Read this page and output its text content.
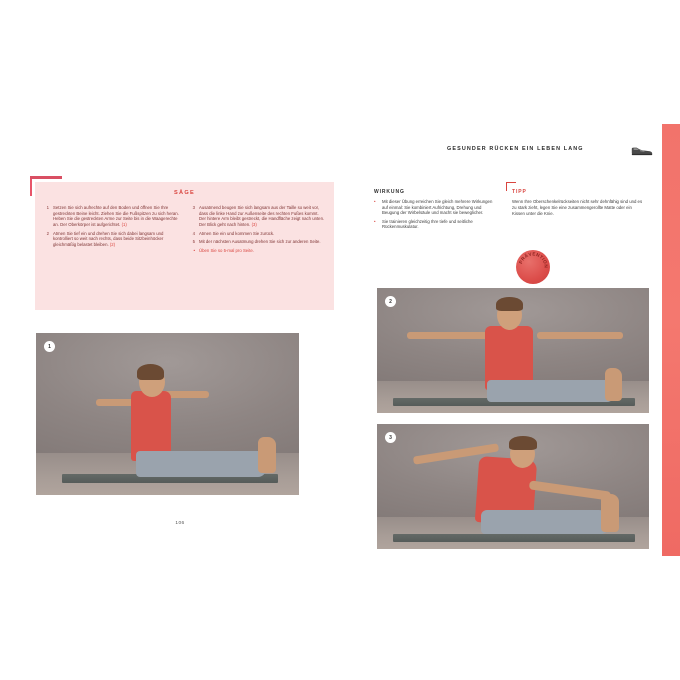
GESUNDER RÜCKEN EIN LEBEN LANG
SÄGE
1 Setzen Sie sich aufrechte auf den Boden und öffnen Sie Ihre gestreckten Beine leicht. Ziehen Sie die Fußspitzen zu sich heran. Heben Sie die gestreckten Arme zur Seite bis in die Waagerechte an. Der Oberkörper ist aufgerichtet. (1)
2 Atmen Sie tief ein und drehen Sie sich dabei langsam und kontrolliert so weit nach rechts, dass beide Sitzbeinhöcker gleichmäßig belastet bleiben. (2)
3 Ausatmend beugen Sie sich langsam aus der Taille so weit vor, dass die linke Hand zur Außenseite des rechten Fußes kommt. Der hintere Arm bleibt gestreckt, die Handfläche zeigt nach unten. Der Blick geht nach hinten. (3)
4 Atmen Sie ein und kommen Sie zurück.
5 Mit der nächsten Ausatmung drehen Sie sich zur anderen Seite.
• Üben Sie so 5-mal pro Seite.
1
106
WIRKUNG
•	Mit dieser Übung erreichen Sie gleich mehrere Wirkungen auf einmal: Sie kombiniert Aufrichtung, Drehung und Beugung der Wirbelsäule und macht sie beweglicher.
•	Sie trainieren gleichzeitig Ihre tiefe und seitliche Rückenmuskulatur.
TIPP
Wenn Ihre Oberschenkelrückseiten nicht sehr dehnfähig sind und es zu stark zieht, legen Sie eine zusammengerollte Matte oder ein Kissen unter die Knie.
PRÄVENTION
2
3
